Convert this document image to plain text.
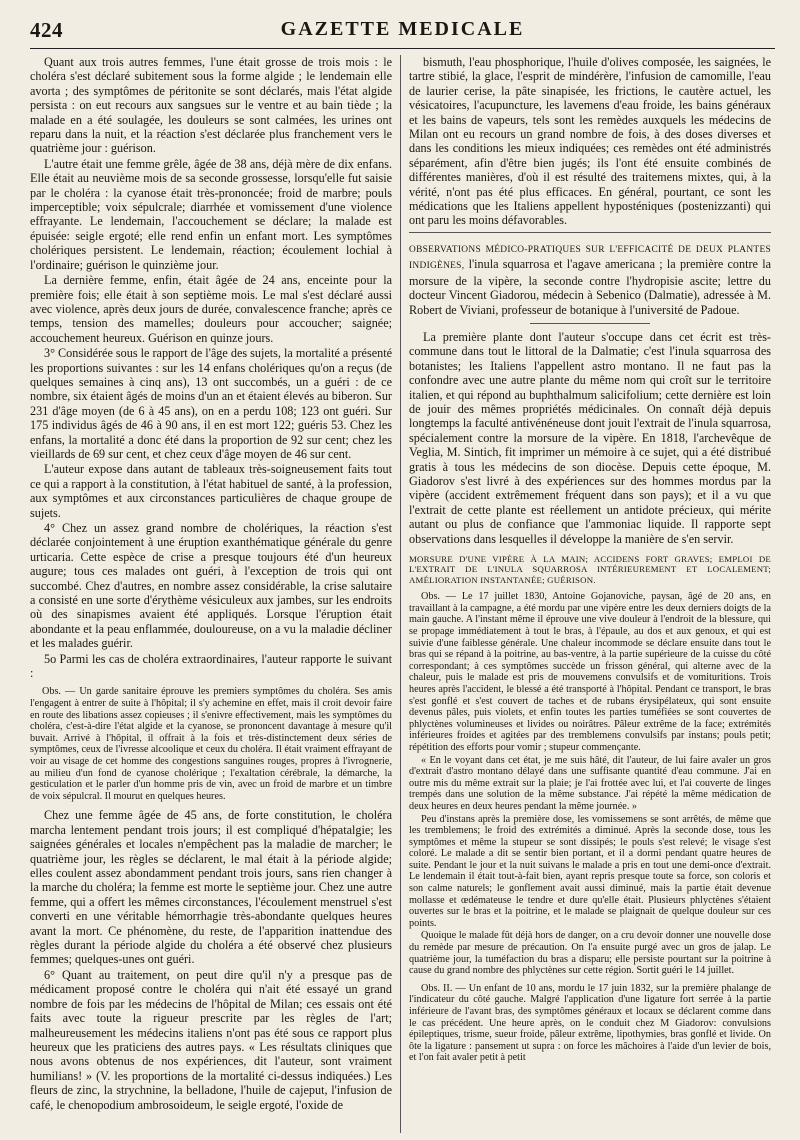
424	GAZETTE MEDICALE

Quant aux trois autres femmes, l'une était grosse de trois mois : le choléra s'est déclaré subitement sous la forme algide ; le lendemain elle avorta ; des symptômes de péritonite se sont déclarés, mais l'état algide persista : on eut recours aux sangsues sur le ventre et au bain tiède ; la malade en a été soulagée, les douleurs se sont calmées, les urines ont reparu dans la nuit, et la réaction s'est déclarée plus franchement vers le quatrième jour : guérison.

L'autre était une femme grêle, âgée de 38 ans, déjà mère de dix enfans. Elle était au neuvième mois de sa seconde grossesse, lorsqu'elle fut saisie par le choléra : la cyanose était très-prononcée; froid de marbre; pouls imperceptible; voix sépulcrale; diarrhée et vomissement d'une violence effrayante. Le lendemain, l'accouchement se déclare; la malade est épuisée: seigle ergoté; elle rend enfin un enfant mort. Les symptômes cholériques persistent. Le lendemain, réaction; écoulement lochial à l'ordinaire; guérison le quinzième jour.

La dernière femme, enfin, était âgée de 24 ans, enceinte pour la première fois; elle était à son septième mois. Le mal s'est déclaré aussi avec violence, après deux jours de durée, convalescence franche; après ce temps, tension des mamelles; douleurs pour accoucher; saignée; accouchement heureux. Guérison en quinze jours.

3° Considérée sous le rapport de l'âge des sujets, la mortalité a présenté les proportions suivantes : sur les 14 enfans cholériques qu'on a reçus (de quelques semaines à cinq ans), 13 ont succombés, un a guéri : de ce nombre, six étaient âgés de moins d'un an et étaient élevés au biberon. Sur 231 d'âge moyen (de 6 à 45 ans), on en a perdu 108; 123 ont guéri. Sur 175 individus âgés de 46 à 90 ans, il en est mort 122; guéris 53. Chez les enfans, la mortalité a donc été dans la proportion de 92 sur cent; chez les vieillards de 69 sur cent, et chez ceux d'âge moyen de 46 sur cent.

L'auteur expose dans autant de tableaux très-soigneusement faits tout ce qui a rapport à la constitution, à l'état habituel de santé, à la profession, aux symptômes et aux circonstances particulières de chaque groupe de sujets.

4° Chez un assez grand nombre de cholériques, la réaction s'est déclarée conjointement à une éruption exanthématique générale du genre urticaria. Cette espèce de crise a presque toujours été d'un heureux augure; tous ces malades ont guéri, à l'exception de trois qui ont succombé. Chez d'autres, en nombre assez considérable, la crise salutaire a consisté en une sorte d'érythème vésiculeux aux jambes, sur les endroits où des sinapismes avaient été appliqués. Lorsque l'éruption était abondante et la peau enflammée, douloureuse, on a vu la maladie décliner et les malades guérir.

5o Parmi les cas de choléra extraordinaires, l'auteur rapporte le suivant :

Obs. — Un garde sanitaire éprouve les premiers symptômes du choléra. Ses amis l'engagent à entrer de suite à l'hôpital; il s'y achemine en effet, mais il croit devoir faire en route des libations assez copieuses ; il s'enivre effectivement, mais les symptômes du choléra, c'est-à-dire l'état algide et la cyanose, se prononcent davantage à mesure qu'il buvait. Arrivé à l'hôpital, il offrait à la fois et très-distinctement deux séries de symptômes, ceux de l'ivresse alcoolique et ceux du choléra. Il était vraiment effrayant de voir au visage de cet homme des congestions sanguines rouges, propres à l'ivrognerie, au milieu d'un fond de cyanose cholérique ; l'exaltation cérébrale, la démarche, la gesticulation et le parler d'un homme pris de vin, avec un froid de marbre et un timbre de voix sépulcral. Il mourut en quelques heures.

Chez une femme âgée de 45 ans, de forte constitution, le choléra marcha lentement pendant trois jours; il est compliqué d'hépatalgie; les saignées générales et locales n'empêchent pas la maladie de marcher; le quatrième jour, les règles se déclarent, le mal était à la période algide; elles coulent assez abondamment pendant trois jours, sans rien changer à la marche du choléra; la femme est morte le septième jour. Chez une autre femme, qui a offert les mêmes circonstances, l'écoulement menstruel s'est converti en une véritable hémorrhagie très-abondante quelques heures avant la mort. Ce phénomène, du reste, de l'apparition inattendue des règles durant la période algide du choléra a été observé chez plusieurs femmes; quelques-unes ont guéri.

6° Quant au traitement, on peut dire qu'il n'y a presque pas de médicament proposé contre le choléra qui n'ait été essayé un grand nombre de fois par les médecins de l'hôpital de Milan; ces essais ont été faits avec toute la rigueur prescrite par les règles de l'art; malheureusement les médecins italiens n'ont pas été sous ce rapport plus heureux que les praticiens des autres pays. « Les résultats cliniques que nous avons obtenus de nos expériences, dit l'auteur, sont vraiment humilians! » (V. les proportions de la mortalité ci-dessus indiquées.) Les fleurs de zinc, la strychnine, la belladone, l'huile de cajeput, l'infusion de café, le chenopodium ambrosoideum, le seigle ergoté, l'oxide de

bismuth, l'eau phosphorique, l'huile d'olives composée, les saignées, le tartre stibié, la glace, l'esprit de mindérère, l'infusion de camomille, l'eau de laurier cerise, la pâte sinapisée, les frictions, le cautère actuel, les vésicatoires, l'acupuncture, les lavemens d'eau froide, les bains généraux et les bains de vapeurs, tels sont les remèdes auxquels les médecins de Milan ont eu recours un grand nombre de fois, à des doses diverses et dans les conditions les mieux indiquées; ces remèdes ont été administrés séparément, afin d'être bien jugés; ils l'ont été ensuite combinés de différentes manières, d'où il est résulté des traitemens mixtes, qui, à la vérité, n'ont pas été plus efficaces. En général, pourtant, ce sont les médications que les Italiens appellent hyposténiques (postenizzanti) qui ont paru les moins défavorables.

OBSERVATIONS MÉDICO-PRATIQUES SUR L'EFFICACITÉ DE DEUX PLANTES INDIGÈNES, l'inula squarrosa et l'agave americana ; la première contre la morsure de la vipère, la seconde contre l'hydropisie ascite; lettre du docteur Vincent Giadorou, médecin à Sebenico (Dalmatie), adressée à M. Robert de Viviani, professeur de botanique à l'université de Padoue.

La première plante dont l'auteur s'occupe dans cet écrit est très-commune dans tout le littoral de la Dalmatie; c'est l'inula squarrosa des botanistes; les Italiens l'appellent astro montano. Il ne faut pas la confondre avec une autre plante du même nom qui croît sur le territoire italien, et qui répond au buphthalmum salicifolium; cette dernière est loin de jouir des mêmes propriétés médicinales. On connaît déjà depuis longtemps la faculté antivénéneuse dont jouit l'extrait de l'inula squarrosa, spécialement contre la morsure de la vipère. En 1818, l'archevêque de Veglia, M. Sintich, fit imprimer un mémoire à ce sujet, qui a été distribué gratis à tous les médecins de son diocèse. Depuis cette époque, M. Giadorov s'est livré à des expériences sur des hommes mordus par la vipère (accident extrêmement fréquent dans son pays); et il a vu que l'extrait de cette plante est réellement un antidote précieux, qui mérite autant ou plus de confiance que l'ammoniac liquide. Il rapporte sept observations dans lesquelles il développe la manière de s'en servir.

MORSURE D'UNE VIPÈRE À LA MAIN; ACCIDENS FORT GRAVES; EMPLOI DE L'EXTRAIT DE L'INULA SQUARROSA INTÉRIEUREMENT ET LOCALEMENT; AMÉLIORATION INSTANTANÉE; GUÉRISON.

Obs. — Le 17 juillet 1830, Antoine Gojanoviche, paysan, âgé de 20 ans, en travaillant à la campagne, a été mordu par une vipère entre les deux derniers doigts de la main gauche. A l'instant même il éprouve une vive douleur à l'endroit de la blessure, qui se propage immédiatement à tout le bras, à l'épaule, au dos et aux genoux, et qui est suivie d'une faiblesse générale. Une chaleur incommode se déclare ensuite dans tout le bras qui se répand à la poitrine, au bas-ventre, à la partie supérieure de la cuisse du côté correspondant; à ces symptômes succède un frisson général, qui alterne avec de la chaleur, puis le malade est pris de mouvemens convulsifs et de vomituritions. Trois heures après l'accident, le blessé a été transporté à l'hôpital. Pendant ce transport, le bras s'est gonflé et s'est couvert de taches et de rubans érysipélateux, qui sont ensuite devenus pâles, puis violets, et enfin toutes les parties tuméfiées se sont couvertes de phlyctènes volumineuses et livides ou noirâtres. Pâleur extrême de la face; extrémités inférieures froides et agitées par des tremblemens convulsifs par instans; pouls petit; répétition des efforts pour vomir ; stupeur commençante.

« En le voyant dans cet état, je me suis hâté, dit l'auteur, de lui faire avaler un gros d'extrait d'astro montano délayé dans une suffisante quantité d'eau commune. J'ai en outre mis du même extrait sur la plaie; je l'ai frottée avec lui, et l'ai couverte de linges trempés dans une solution de la même substance. J'ai répété la même médication de deux heures en deux heures pendant la même journée. »

Peu d'instans après la première dose, les vomissemens se sont arrêtés, de même que les tremblemens; le froid des extrémités a diminué. Après la seconde dose, tous les symptômes et même la stupeur se sont dissipés; le pouls s'est relevé; le visage s'est coloré. Le malade a dit se sentir bien portant, et il a dormi pendant quatre heures de suite. Pendant le jour et la nuit suivans le malade a pris en tout une demi-once d'extrait. Le lendemain il était tout-à-fait bien, ayant repris presque toute sa force, son coloris et son calme naturels; le gonflement avait aussi diminué, mais la partie était devenue mollasse et œdémateuse le tendre et dure qu'elle était. Plusieurs phlyctènes s'étaient ouvertes sur le bras et la poitrine, et le malade se plaignait de quelque douleur sur ces points.

Quoique le malade fût déjà hors de danger, on a cru devoir donner une nouvelle dose du remède par mesure de précaution. On l'a ensuite purgé avec un gros de jalap. Le quatrième jour, la tuméfaction du bras a disparu; elle persiste pourtant sur la poitrine à cause du grand nombre des phlyctènes sur cette région. Sortit guéri le 14 juillet.

Obs. II. — Un enfant de 10 ans, mordu le 17 juin 1832, sur la première phalange de l'indicateur du côté gauche. Malgré l'application d'une ligature fort serrée à la partie inférieure de l'avant bras, des symptômes généraux et locaux se déclarent comme dans le cas précédent. Une heure après, on le conduit chez M Giadorov: convulsions épileptiques, trisme, sueur froide, pâleur extrême, lipothymies, bras gonflé et livide. On ôte la ligature : pansement ut supra : on force les mâchoires à l'aide d'un levier de bois, et l'on fait avaler petit à petit
